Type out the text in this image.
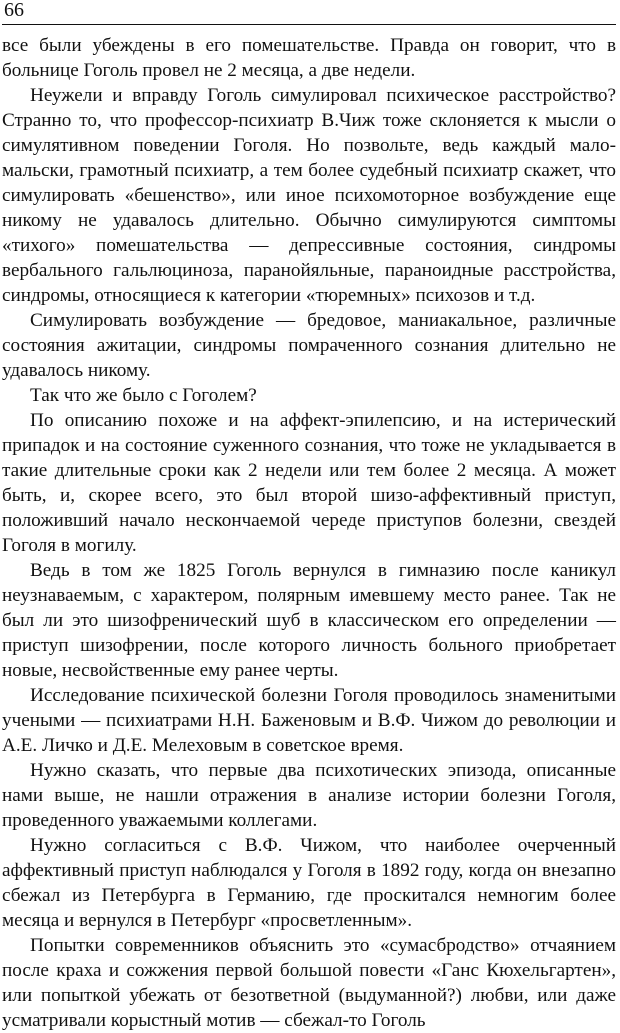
66

все были убеждены в его помешательстве. Правда он говорит, что в больнице Гоголь провел не 2 месяца, а две недели.

Неужели и вправду Гоголь симулировал психическое расстройство? Странно то, что профессор-психиатр В.Чиж тоже склоняется к мысли о симулятивном поведении Гоголя. Но позвольте, ведь каждый мало-мальски, грамотный психиатр, а тем более судебный психиатр скажет, что симулировать «бешенство», или иное психомоторное возбуждение еще никому не удавалось длительно. Обычно симулируются симптомы «тихого» помешательства — депрессивные состояния, синдромы вербального гальлюциноза, паранойяльные, параноидные расстройства, синдромы, относящиеся к категории «тюремных» психозов и т.д.

Симулировать возбуждение — бредовое, маниакальное, различные состояния ажитации, синдромы помраченного сознания длительно не удавалось никому.

Так что же было с Гоголем?

По описанию похоже и на аффект-эпилепсию, и на истерический припадок и на состояние суженного сознания, что тоже не укладывается в такие длительные сроки как 2 недели или тем более 2 месяца. А может быть, и, скорее всего, это был второй шизо-аффективный приступ, положивший начало нескончаемой череде приступов болезни, свездей Гоголя в могилу.

Ведь в том же 1825 Гоголь вернулся в гимназию после каникул неузнаваемым, с характером, полярным имевшему место ранее. Так не был ли это шизофренический шуб в классическом его определении — приступ шизофрении, после которого личность больного приобретает новые, несвойственные ему ранее черты.

Исследование психической болезни Гоголя проводилось знаменитыми учеными — психиатрами Н.Н. Баженовым и В.Ф. Чижом до революции и А.Е. Личко и Д.Е. Мелеховым в советское время.

Нужно сказать, что первые два психотических эпизода, описанные нами выше, не нашли отражения в анализе истории болезни Гоголя, проведенного уважаемыми коллегами.

Нужно согласиться с В.Ф. Чижом, что наиболее очерченный аффективный приступ наблюдался у Гоголя в 1892 году, когда он внезапно сбежал из Петербурга в Германию, где проскитался немногим более месяца и вернулся в Петербург «просветленным».

Попытки современников объяснить это «сумасбродство» отчаянием после краха и сожжения первой большой повести «Ганс Кюхельгартен», или попыткой убежать от безответной (выдуманной?) любви, или даже усматривали корыстный мотив — сбежал-то Гоголь
